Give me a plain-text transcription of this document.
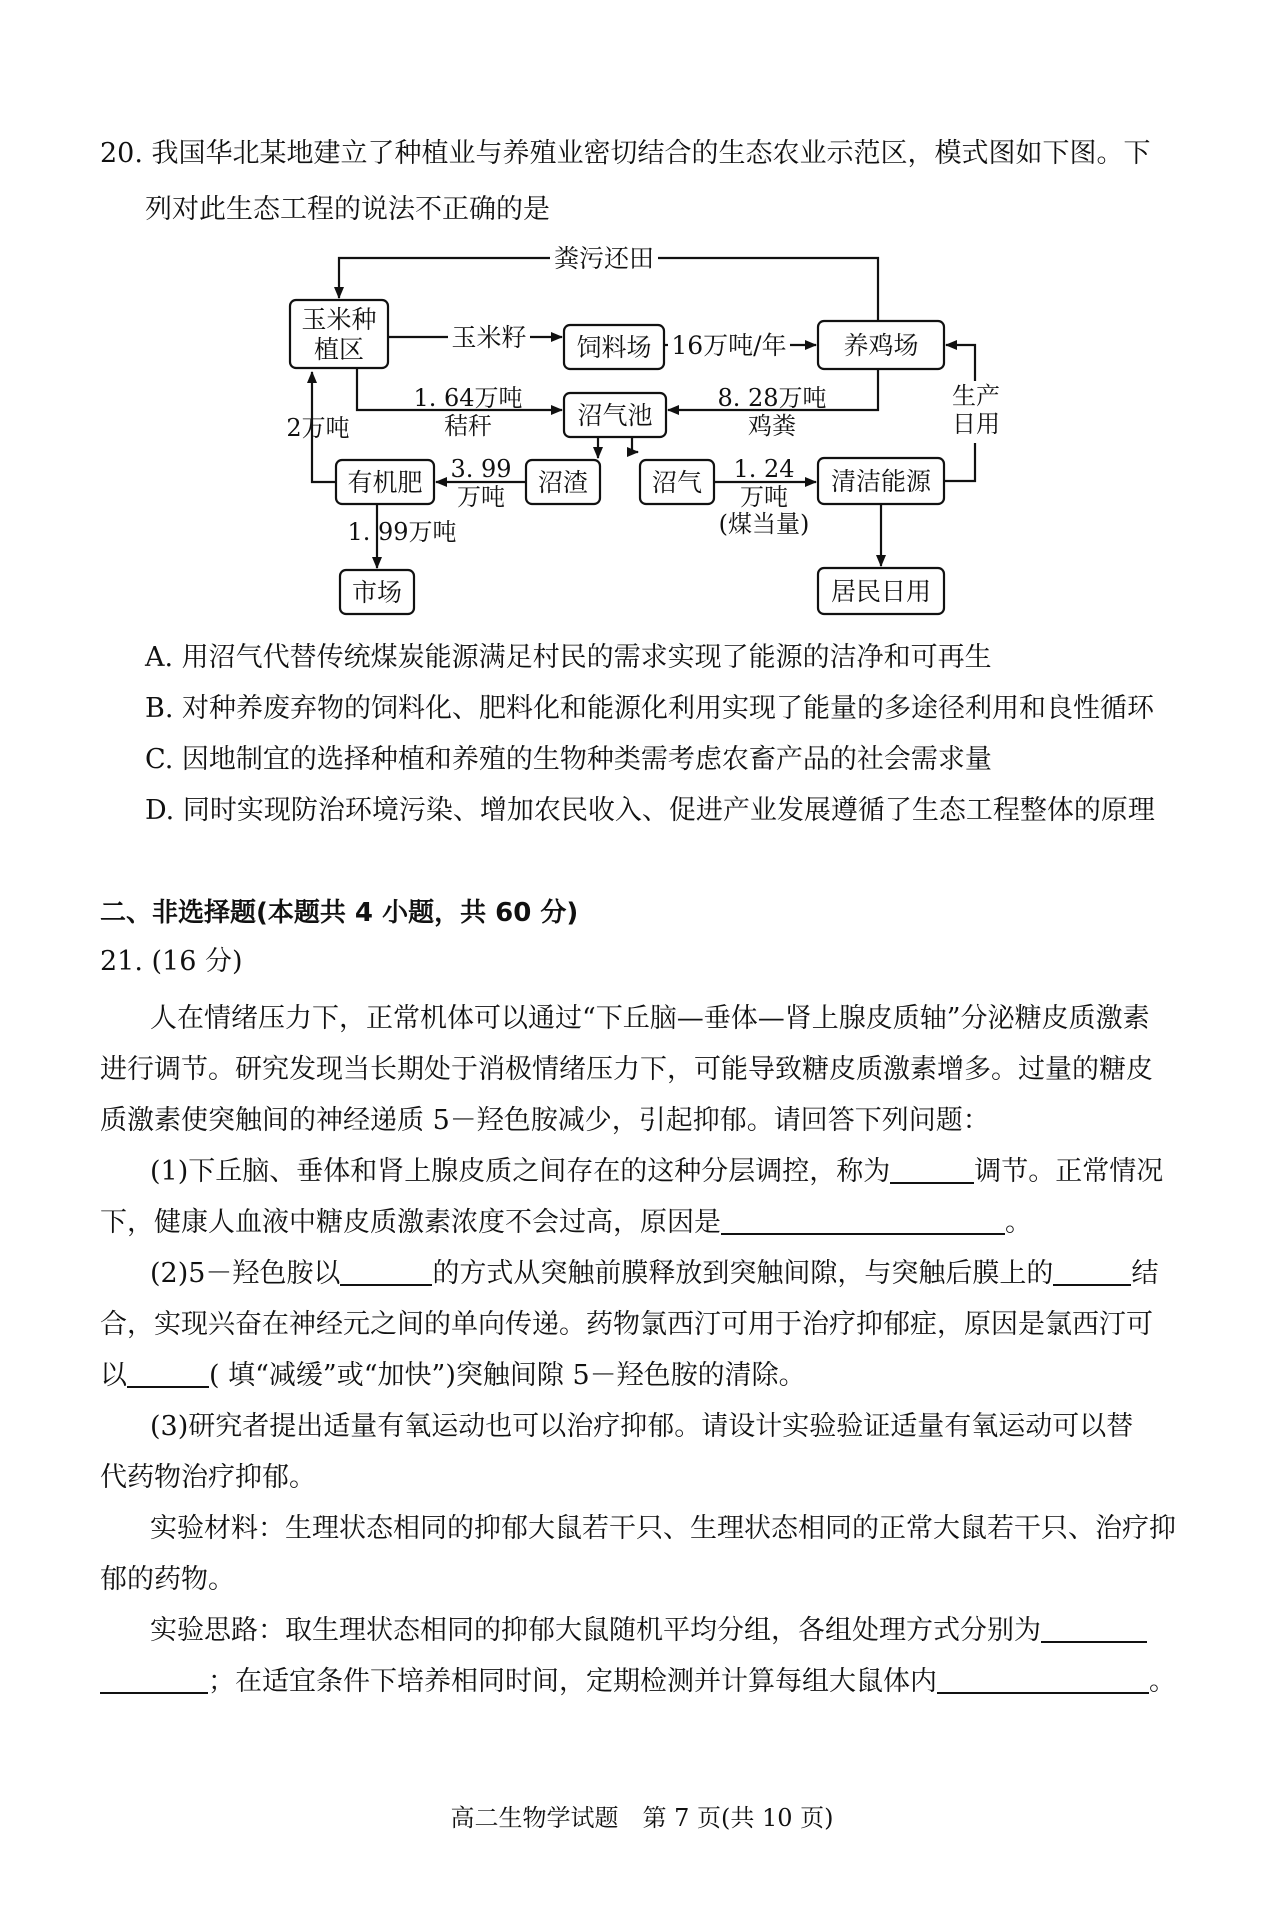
20. 我国华北某地建立了种植业与养殖业密切结合的生态农业示范区，模式图如下图。下
列对此生态工程的说法不正确的是
玉米种
植区	饲料场	养鸡场
沼气池
有机肥	沼渣	沼气	清洁能源
市场	居民日用
粪污还田
玉米籽	16万吨/年
1. 64万吨
秸秆
8. 28万吨
鸡粪
3. 99
万吨
1. 24
万吨
(煤当量)
2万吨
1. 99万吨
生产
日用
A. 用沼气代替传统煤炭能源满足村民的需求实现了能源的洁净和可再生
B. 对种养废弃物的饲料化、肥料化和能源化利用实现了能量的多途径利用和良性循环
C. 因地制宜的选择种植和养殖的生物种类需考虑农畜产品的社会需求量
D. 同时实现防治环境污染、增加农民收入、促进产业发展遵循了生态工程整体的原理
二、非选择题(本题共 4 小题，共 60 分)
21. (16 分)
人在情绪压力下，正常机体可以通过“下丘脑—垂体—肾上腺皮质轴”分泌糖皮质激素
进行调节。研究发现当长期处于消极情绪压力下，可能导致糖皮质激素增多。过量的糖皮
质激素使突触间的神经递质 5－羟色胺减少，引起抑郁。请回答下列问题：
(1)下丘脑、垂体和肾上腺皮质之间存在的这种分层调控，称为	调节。正常情况
下，健康人血液中糖皮质激素浓度不会过高，原因是	。
(2)5－羟色胺以	的方式从突触前膜释放到突触间隙，与突触后膜上的	结
合，实现兴奋在神经元之间的单向传递。药物氯西汀可用于治疗抑郁症，原因是氯西汀可
以	( 填“减缓”或“加快”)突触间隙 5－羟色胺的清除。
(3)研究者提出适量有氧运动也可以治疗抑郁。请设计实验验证适量有氧运动可以替
代药物治疗抑郁。
实验材料：生理状态相同的抑郁大鼠若干只、生理状态相同的正常大鼠若干只、治疗抑
郁的药物。
实验思路：取生理状态相同的抑郁大鼠随机平均分组，各组处理方式分别为
；在适宜条件下培养相同时间，定期检测并计算每组大鼠体内	。
高二生物学试题　第 7 页(共 10 页)
